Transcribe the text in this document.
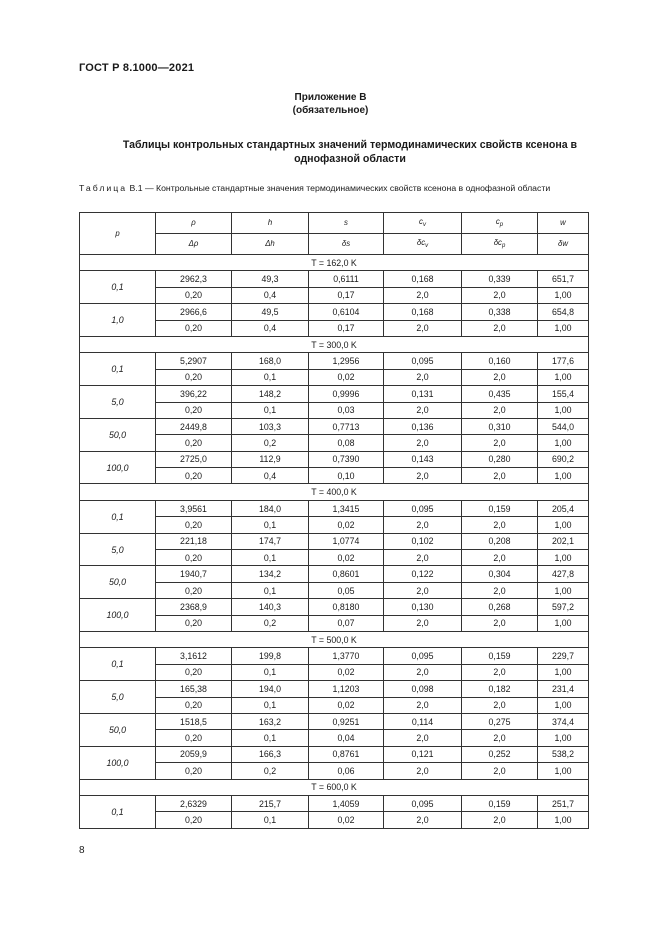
ГОСТ Р 8.1000—2021
Приложение В
(обязательное)
Таблицы контрольных стандартных значений термодинамических свойств ксенона в однофазной области
Таблица В.1 — Контрольные стандартные значения термодинамических свойств ксенона в однофазной области
p	ρ	h	s	$c_v$	$c_p$	w
	Δρ	Δh	δs	$\delta c_v$	$\delta c_p$	δw
T = 162,0 K						
0,1	2962,3	49,3	0,6111	0,168	0,339	651,7
	0,20	0,4	0,17	2,0	2,0	1,00
1,0	2966,6	49,5	0,6104	0,168	0,338	654,8
	0,20	0,4	0,17	2,0	2,0	1,00
T = 300,0 K						
0,1	5,2907	168,0	1,2956	0,095	0,160	177,6
	0,20	0,1	0,02	2,0	2,0	1,00
5,0	396,22	148,2	0,9996	0,131	0,435	155,4
	0,20	0,1	0,03	2,0	2,0	1,00
50,0	2449,8	103,3	0,7713	0,136	0,310	544,0
	0,20	0,2	0,08	2,0	2,0	1,00
100,0	2725,0	112,9	0,7390	0,143	0,280	690,2
	0,20	0,4	0,10	2,0	2,0	1,00
T = 400,0 K						
0,1	3,9561	184,0	1,3415	0,095	0,159	205,4
	0,20	0,1	0,02	2,0	2,0	1,00
5,0	221,18	174,7	1,0774	0,102	0,208	202,1
	0,20	0,1	0,02	2,0	2,0	1,00
50,0	1940,7	134,2	0,8601	0,122	0,304	427,8
	0,20	0,1	0,05	2,0	2,0	1,00
100,0	2368,9	140,3	0,8180	0,130	0,268	597,2
	0,20	0,2	0,07	2,0	2,0	1,00
T = 500,0 K						
0,1	3,1612	199,8	1,3770	0,095	0,159	229,7
	0,20	0,1	0,02	2,0	2,0	1,00
5,0	165,38	194,0	1,1203	0,098	0,182	231,4
	0,20	0,1	0,02	2,0	2,0	1,00
50,0	1518,5	163,2	0,9251	0,114	0,275	374,4
	0,20	0,1	0,04	2,0	2,0	1,00
100,0	2059,9	166,3	0,8761	0,121	0,252	538,2
	0,20	0,2	0,06	2,0	2,0	1,00
T = 600,0 K						
0,1	2,6329	215,7	1,4059	0,095	0,159	251,7
	0,20	0,1	0,02	2,0	2,0	1,00
8
